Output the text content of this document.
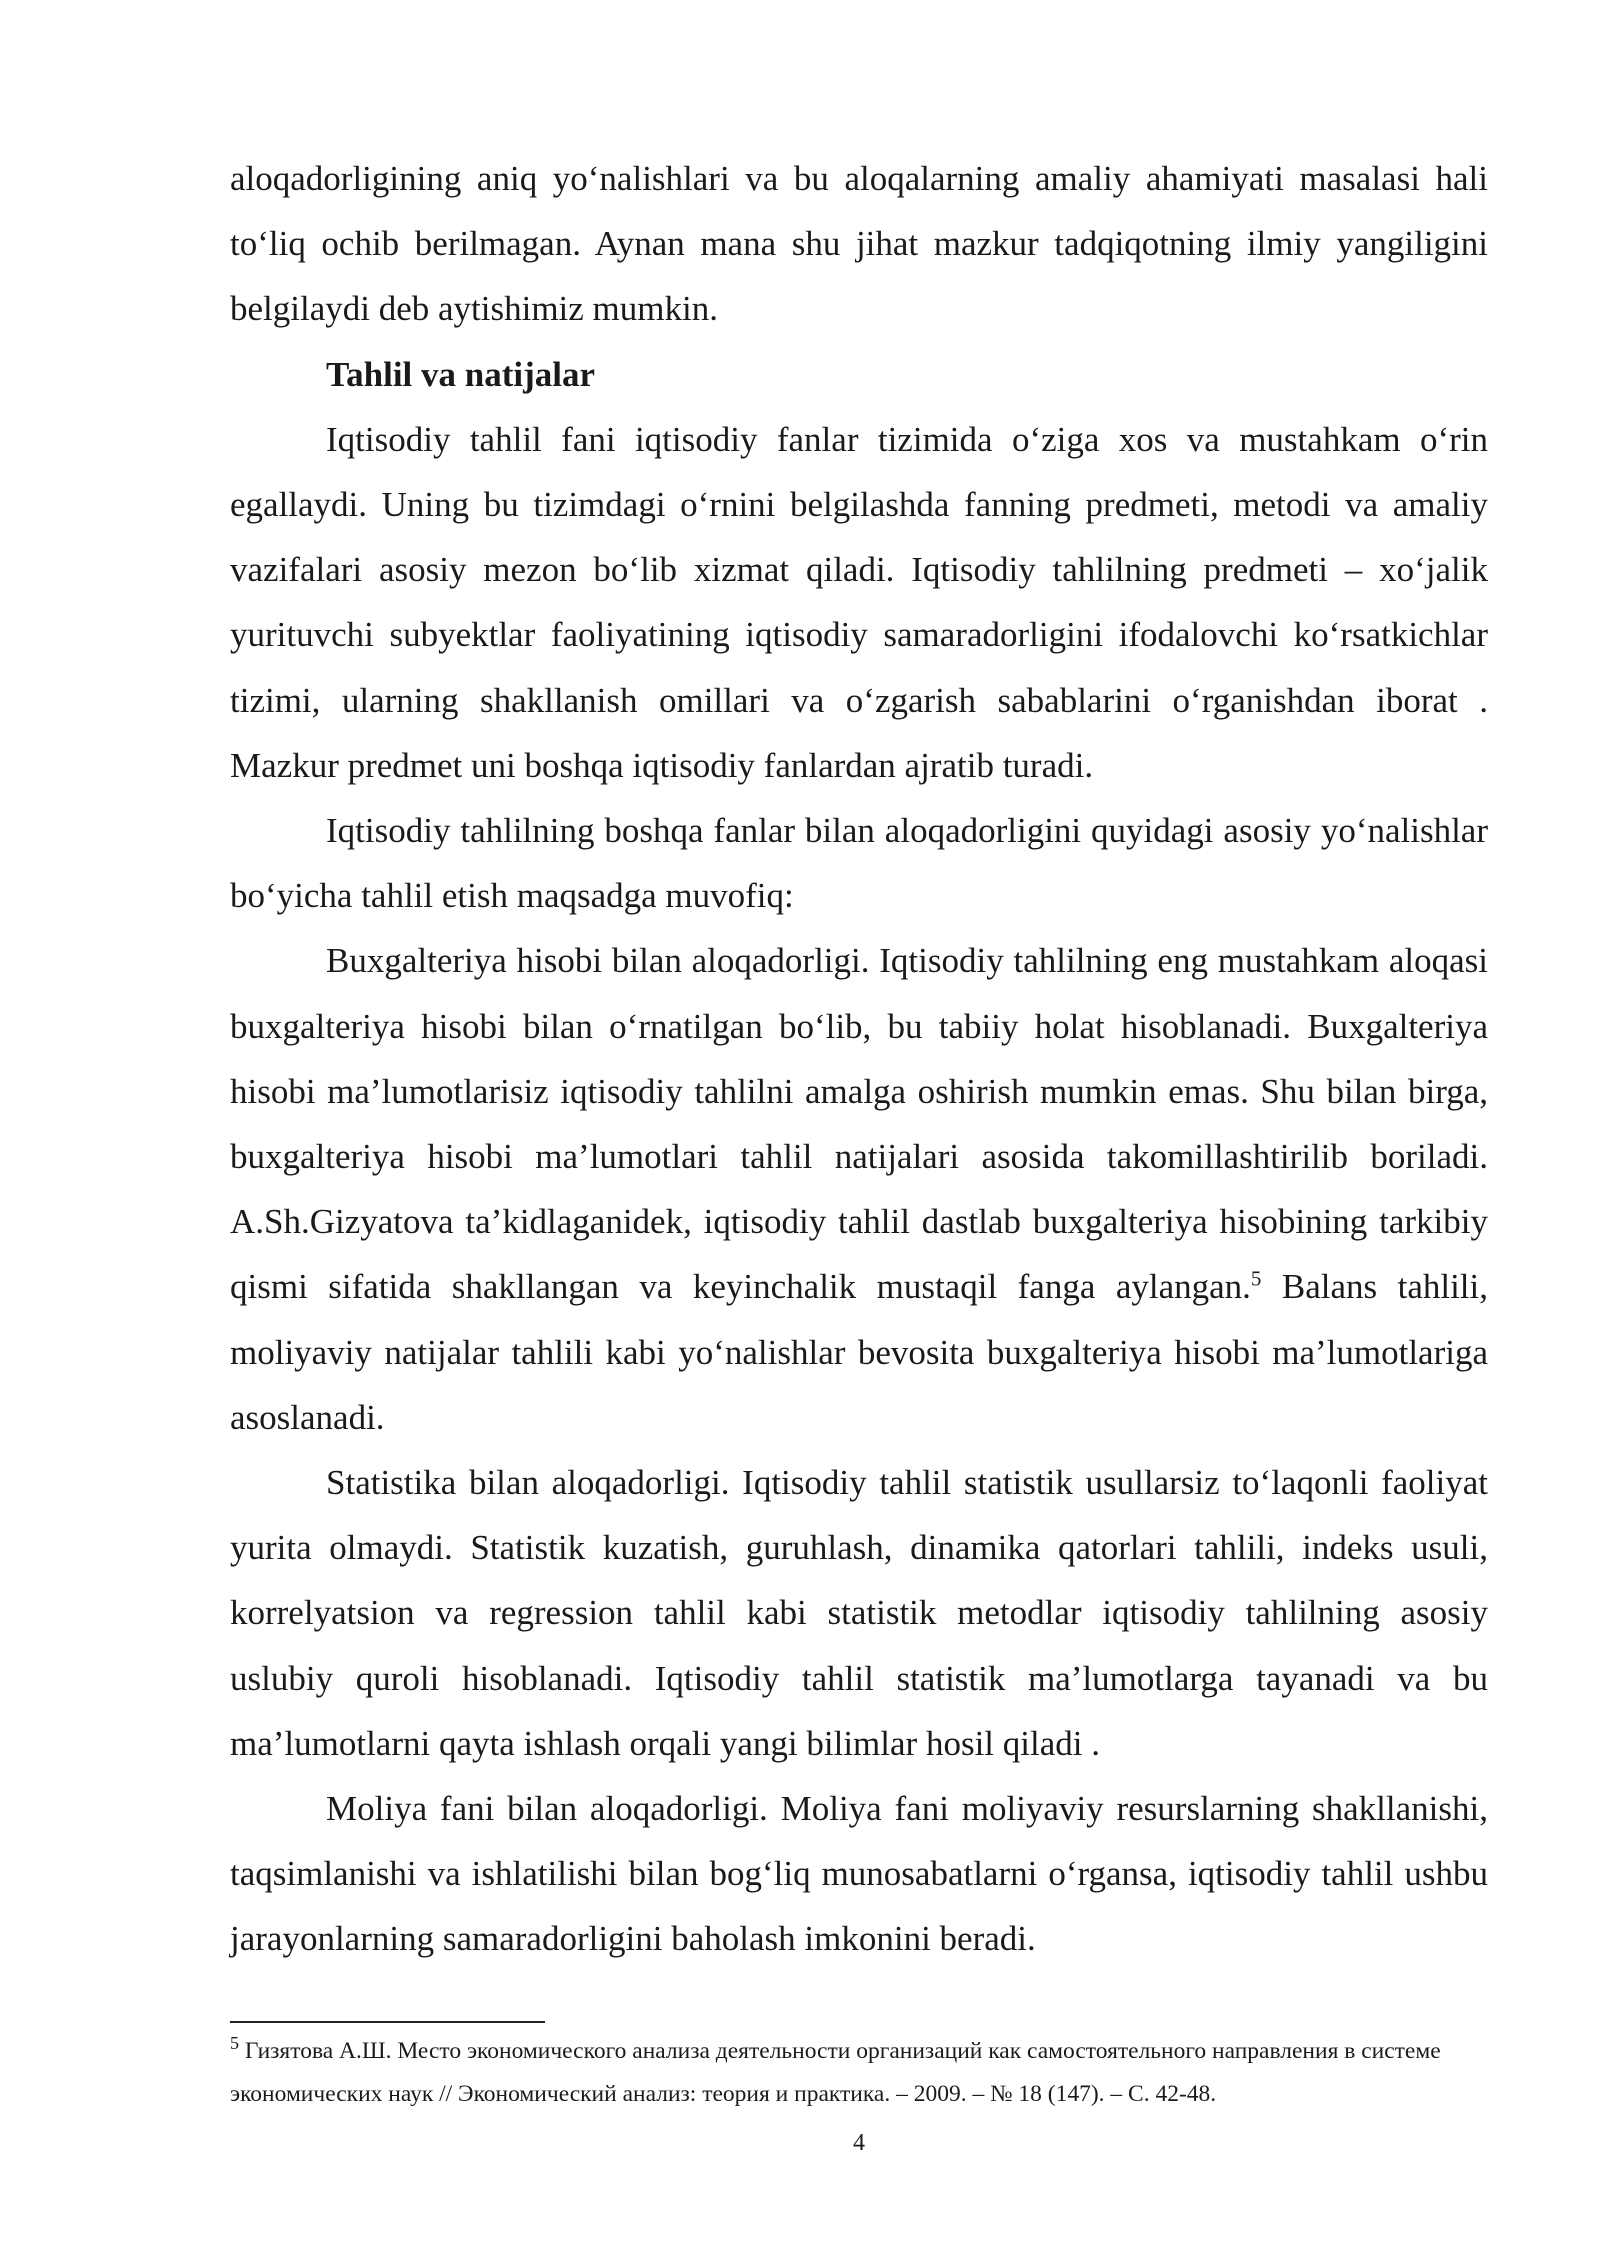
aloqadorligining aniq yo‘nalishlari va bu aloqalarning amaliy ahamiyati masalasi hali to‘liq ochib berilmagan. Aynan mana shu jihat mazkur tadqiqotning ilmiy yangiligini belgilaydi deb aytishimiz mumkin.

Tahlil va natijalar

Iqtisodiy tahlil fani iqtisodiy fanlar tizimida o‘ziga xos va mustahkam o‘rin egallaydi. Uning bu tizimdagi o‘rnini belgilashda fanning predmeti, metodi va amaliy vazifalari asosiy mezon bo‘lib xizmat qiladi. Iqtisodiy tahlilning predmeti – xo‘jalik yurituvchi subyektlar faoliyatining iqtisodiy samaradorligini ifodalovchi ko‘rsatkichlar tizimi, ularning shakllanish omillari va o‘zgarish sabablarini o‘rganishdan iborat . Mazkur predmet uni boshqa iqtisodiy fanlardan ajratib turadi.

Iqtisodiy tahlilning boshqa fanlar bilan aloqadorligini quyidagi asosiy yo‘nalishlar bo‘yicha tahlil etish maqsadga muvofiq:

Buxgalteriya hisobi bilan aloqadorligi. Iqtisodiy tahlilning eng mustahkam aloqasi buxgalteriya hisobi bilan o‘rnatilgan bo‘lib, bu tabiiy holat hisoblanadi. Buxgalteriya hisobi ma’lumotlarisiz iqtisodiy tahlilni amalga oshirish mumkin emas. Shu bilan birga, buxgalteriya hisobi ma’lumotlari tahlil natijalari asosida takomillashtirilib boriladi. A.Sh.Gizyatova ta’kidlaganidek, iqtisodiy tahlil dastlab buxgalteriya hisobining tarkibiy qismi sifatida shakllangan va keyinchalik mustaqil fanga aylangan.$^5$ Balans tahlili, moliyaviy natijalar tahlili kabi yo‘nalishlar bevosita buxgalteriya hisobi ma’lumotlariga asoslanadi.

Statistika bilan aloqadorligi. Iqtisodiy tahlil statistik usullarsiz to‘laqonli faoliyat yurita olmaydi. Statistik kuzatish, guruhlash, dinamika qatorlari tahlili, indeks usuli, korrelyatsion va regression tahlil kabi statistik metodlar iqtisodiy tahlilning asosiy uslubiy quroli hisoblanadi. Iqtisodiy tahlil statistik ma’lumotlarga tayanadi va bu ma’lumotlarni qayta ishlash orqali yangi bilimlar hosil qiladi .

Moliya fani bilan aloqadorligi. Moliya fani moliyaviy resurslarning shakllanishi, taqsimlanishi va ishlatilishi bilan bog‘liq munosabatlarni o‘rgansa, iqtisodiy tahlil ushbu jarayonlarning samaradorligini baholash imkonini beradi.

$^5$ Гизятова А.Ш. Место экономического анализа деятельности организаций как самостоятельного направления в системе экономических наук // Экономический анализ: теория и практика. – 2009. – № 18 (147). – С. 42-48.
4
